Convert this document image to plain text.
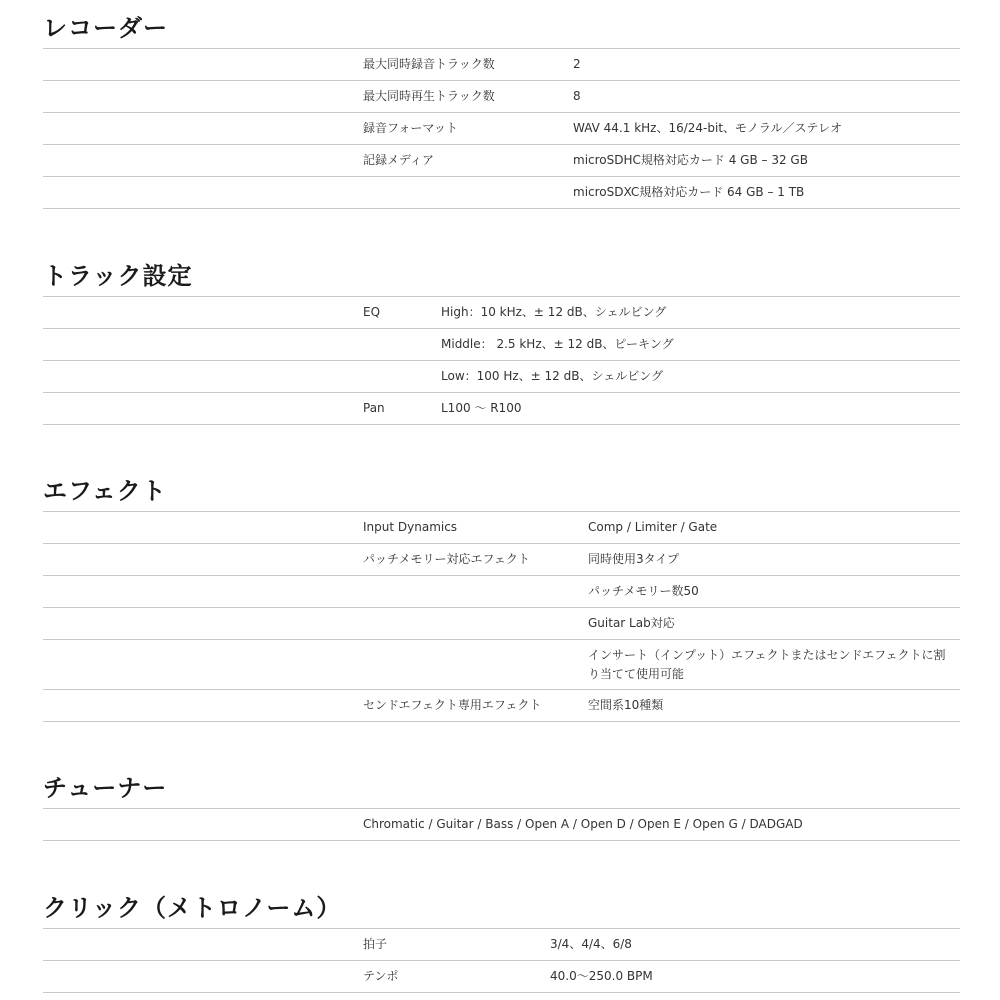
レコーダー
最大同時録音トラック数	2
最大同時再生トラック数	8
録音フォーマット	WAV 44.1 kHz、16/24-bit、モノラル／ステレオ
記録メディア	microSDHC規格対応カード 4 GB – 32 GB
microSDXC規格対応カード 64 GB – 1 TB
トラック設定
EQ	High：10 kHz、± 12 dB、シェルビング
Middle： 2.5 kHz、± 12 dB、ピーキング
Low：100 Hz、± 12 dB、シェルビング
Pan	L100 〜 R100
エフェクト
Input Dynamics	Comp / Limiter / Gate
パッチメモリー対応エフェクト	同時使用3タイプ
パッチメモリー数50
Guitar Lab対応
インサート（インプット）エフェクトまたはセンドエフェクトに割り当てて使用可能
センドエフェクト専用エフェクト	空間系10種類
チューナー
Chromatic / Guitar / Bass / Open A / Open D / Open E / Open G / DADGAD
クリック（メトロノーム）
拍子	3/4、4/4、6/8
テンポ	40.0〜250.0 BPM
